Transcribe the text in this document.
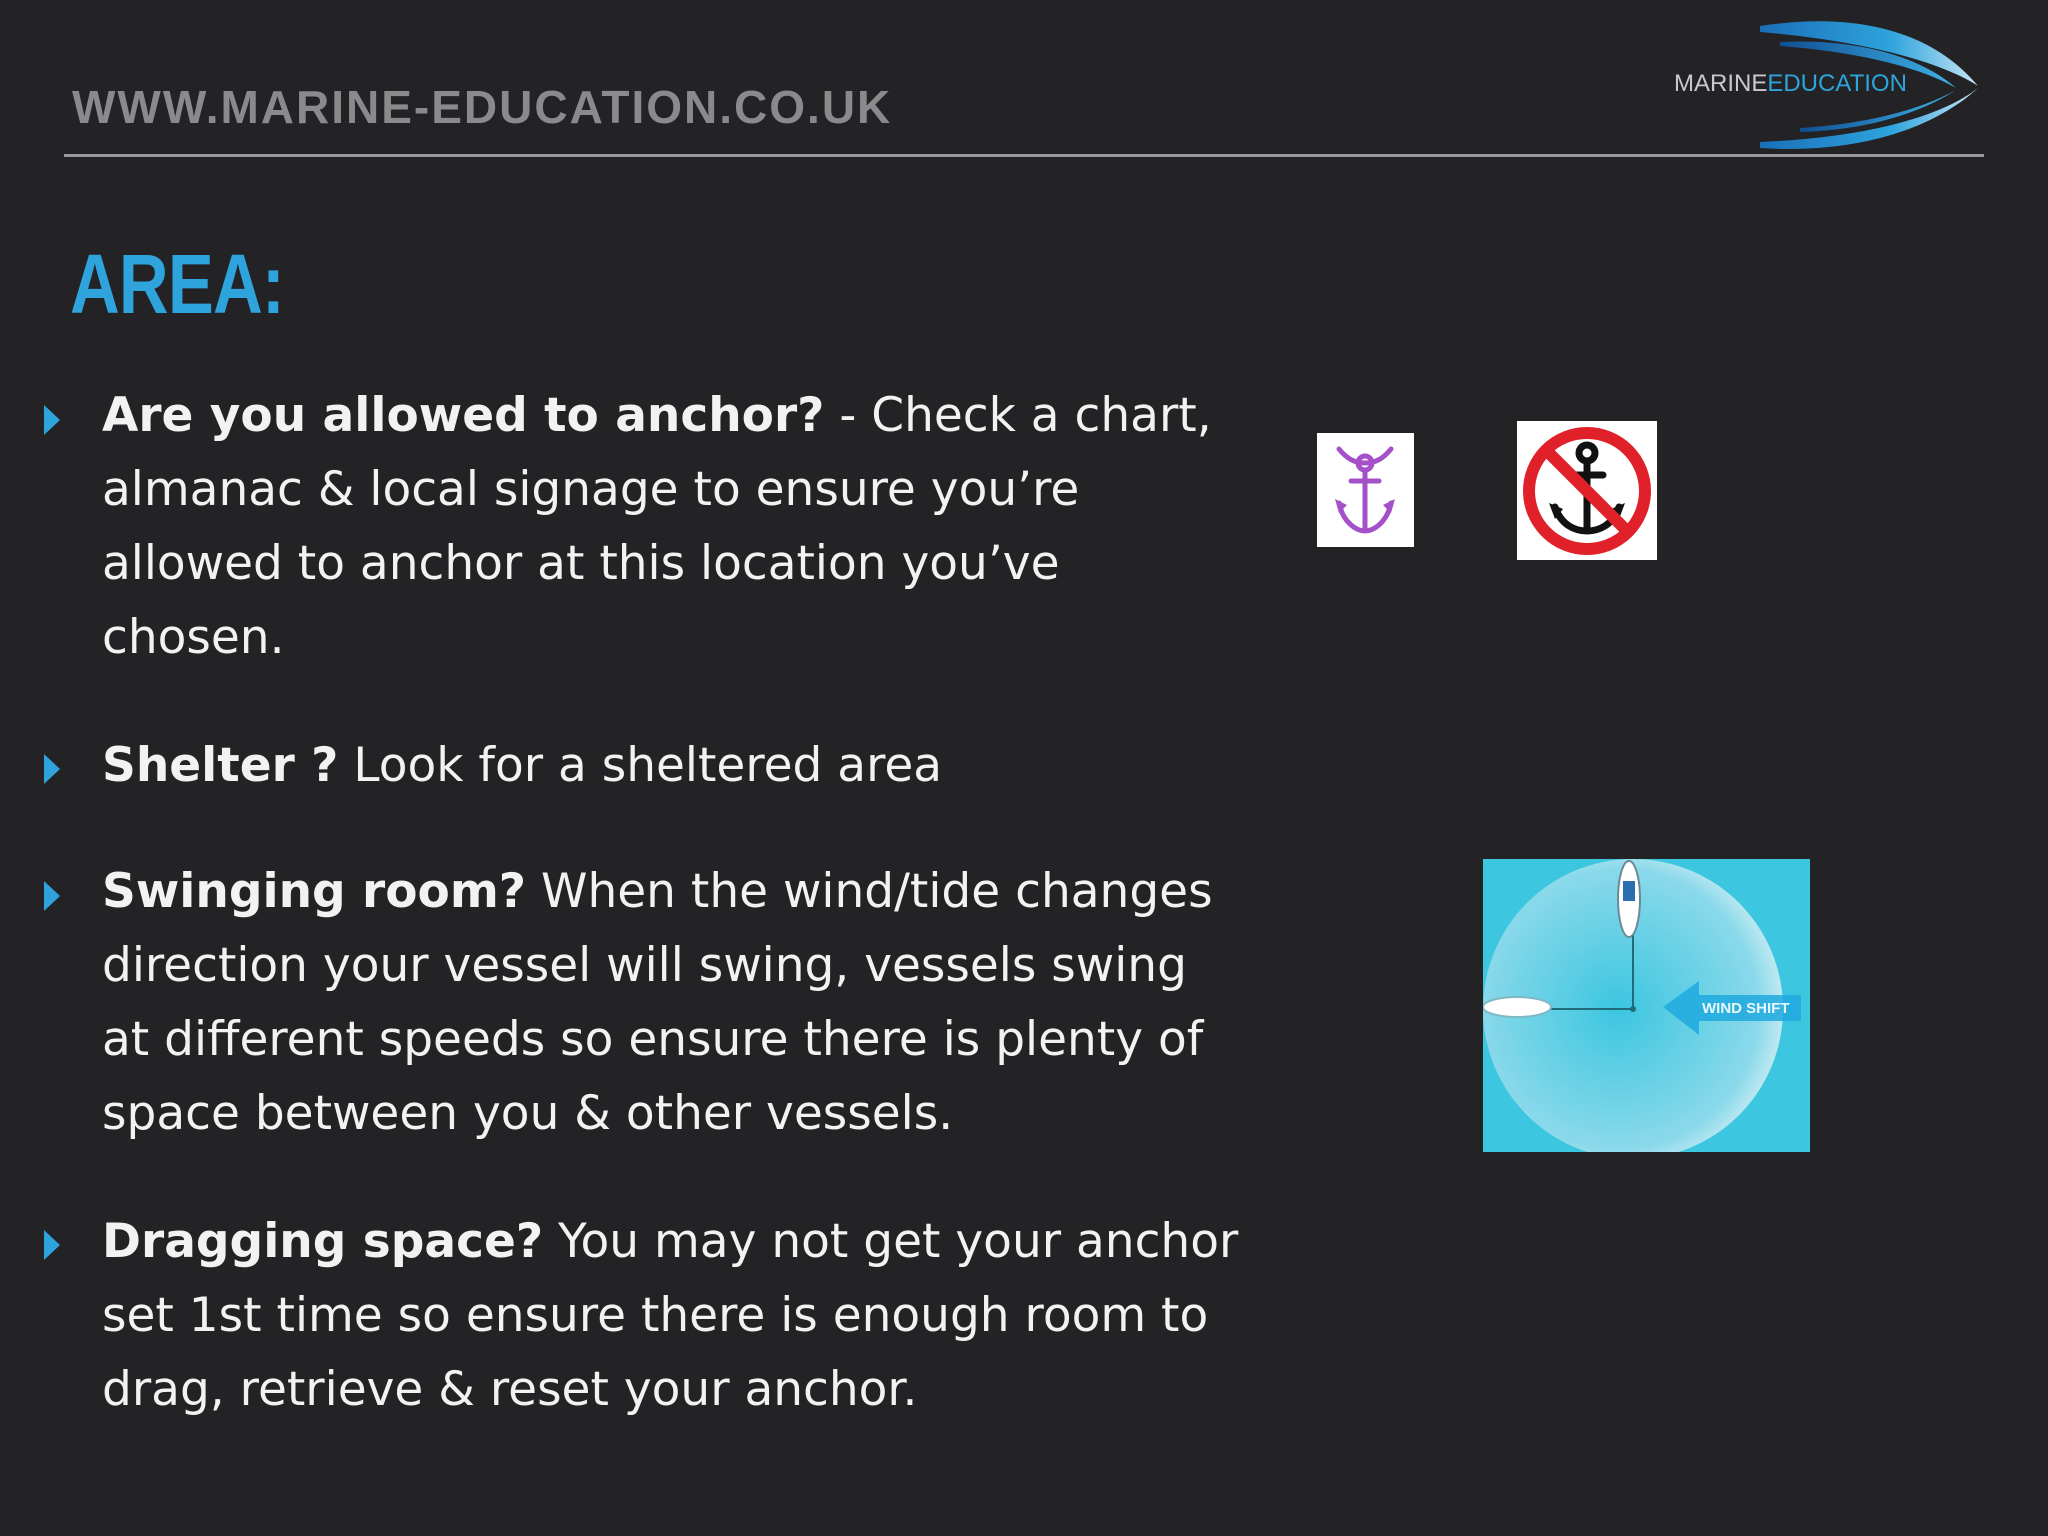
WWW.MARINE-EDUCATION.CO.UK	MARINEEDUCATION
AREA:
Are you allowed to anchor? - Check a chart, almanac & local signage to ensure you’re allowed to anchor at this location you’ve chosen.
Shelter ? Look for a sheltered area
Swinging room? When the wind/tide changes direction your vessel will swing, vessels swing at different speeds so ensure there is plenty of space between you & other vessels.
Dragging space? You may not get your anchor set 1st time so ensure there is enough room to drag, retrieve & reset your anchor.
WIND SHIFT
